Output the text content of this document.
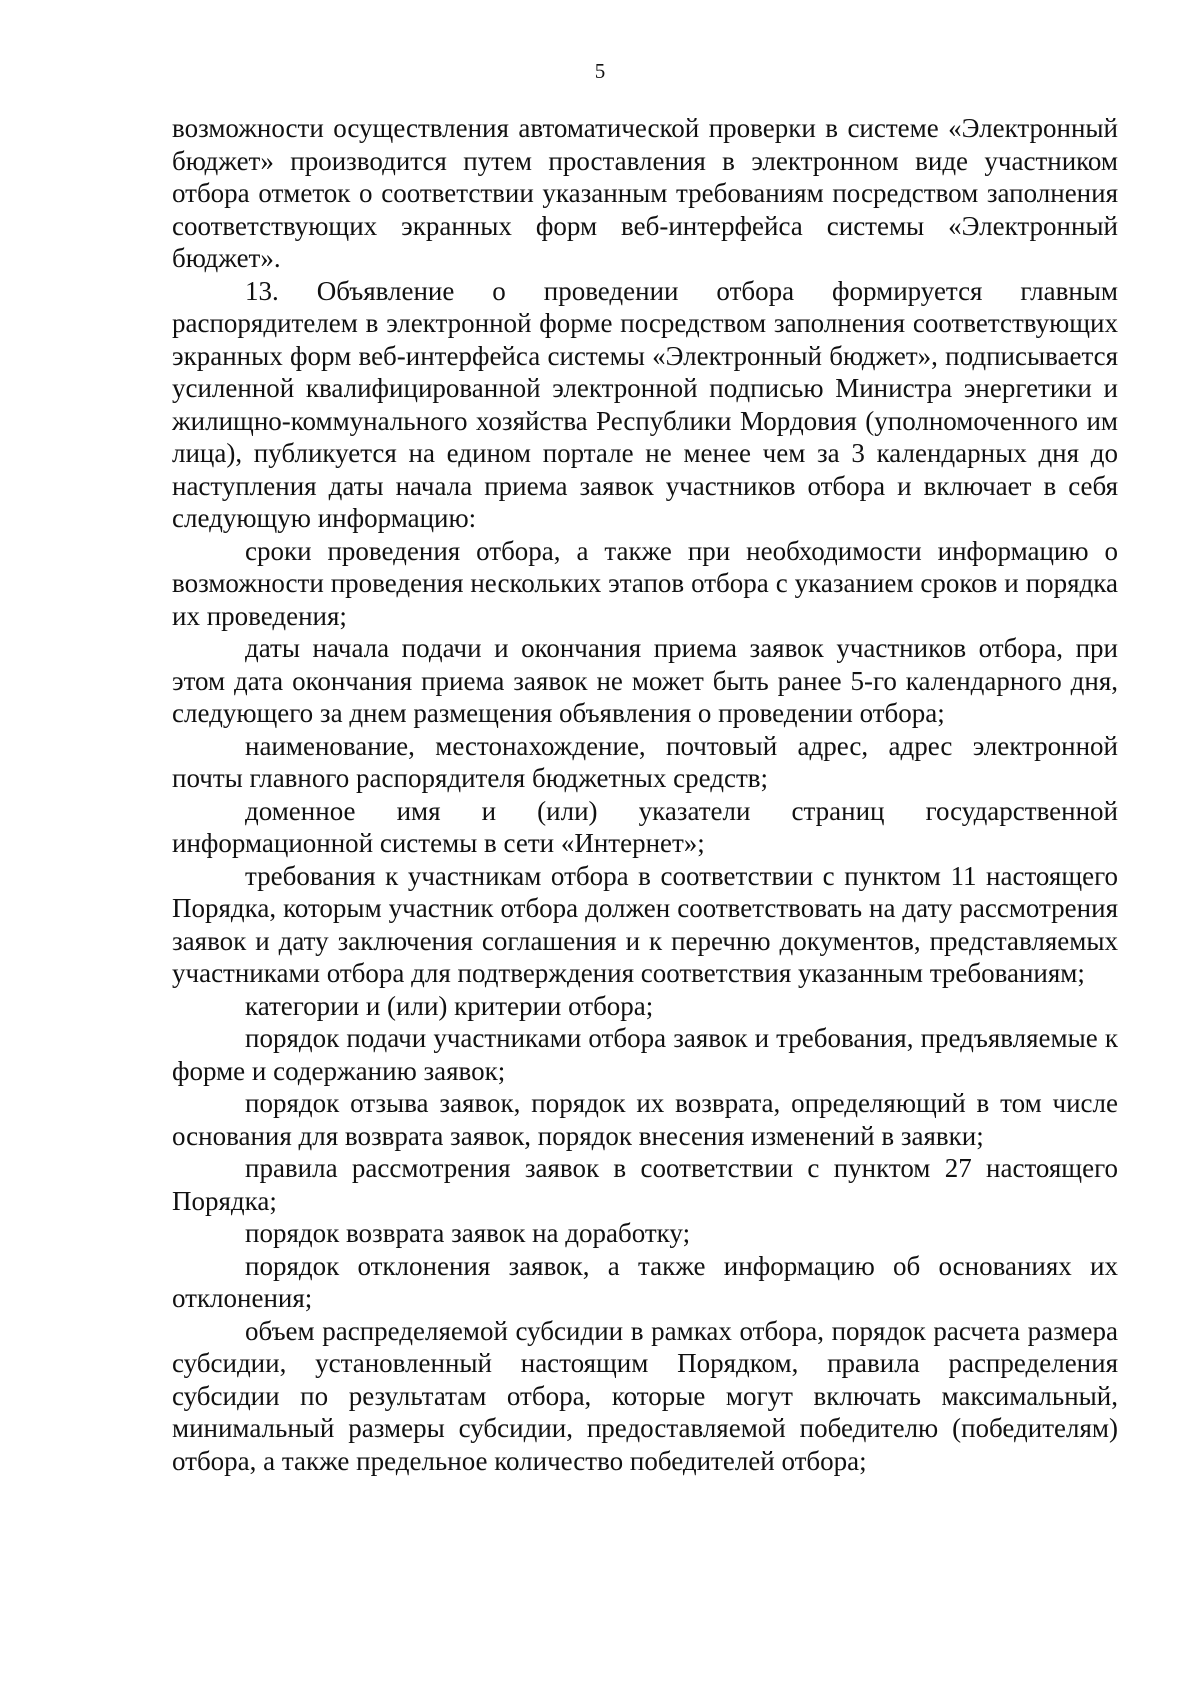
5

возможности осуществления автоматической проверки в системе «Электронный бюджет» производится путем проставления в электронном виде участником отбора отметок о соответствии указанным требованиям посредством заполнения соответствующих экранных форм веб-интерфейса системы «Электронный бюджет».

13. Объявление о проведении отбора формируется главным распорядителем в электронной форме посредством заполнения соответствующих экранных форм веб-интерфейса системы «Электронный бюджет», подписывается усиленной квалифицированной электронной подписью Министра энергетики и жилищно-коммунального хозяйства Республики Мордовия (уполномоченного им лица), публикуется на едином портале не менее чем за 3 календарных дня до наступления даты начала приема заявок участников отбора и включает в себя следующую информацию:

сроки проведения отбора, а также при необходимости информацию о возможности проведения нескольких этапов отбора с указанием сроков и порядка их проведения;

даты начала подачи и окончания приема заявок участников отбора, при этом дата окончания приема заявок не может быть ранее 5-го календарного дня, следующего за днем размещения объявления о проведении отбора;

наименование, местонахождение, почтовый адрес, адрес электронной почты главного распорядителя бюджетных средств;

доменное имя и (или) указатели страниц государственной информационной системы в сети «Интернет»;

требования к участникам отбора в соответствии с пунктом 11 настоящего Порядка, которым участник отбора должен соответствовать на дату рассмотрения заявок и дату заключения соглашения и к перечню документов, представляемых участниками отбора для подтверждения соответствия указанным требованиям;

категории и (или) критерии отбора;

порядок подачи участниками отбора заявок и требования, предъявляемые к форме и содержанию заявок;

порядок отзыва заявок, порядок их возврата, определяющий в том числе основания для возврата заявок, порядок внесения изменений в заявки;

правила рассмотрения заявок в соответствии с пунктом 27 настоящего Порядка;

порядок возврата заявок на доработку;

порядок отклонения заявок, а также информацию об основаниях их отклонения;

объем распределяемой субсидии в рамках отбора, порядок расчета размера субсидии, установленный настоящим Порядком, правила распределения субсидии по результатам отбора, которые могут включать максимальный, минимальный размеры субсидии, предоставляемой победителю (победителям) отбора, а также предельное количество победителей отбора;
